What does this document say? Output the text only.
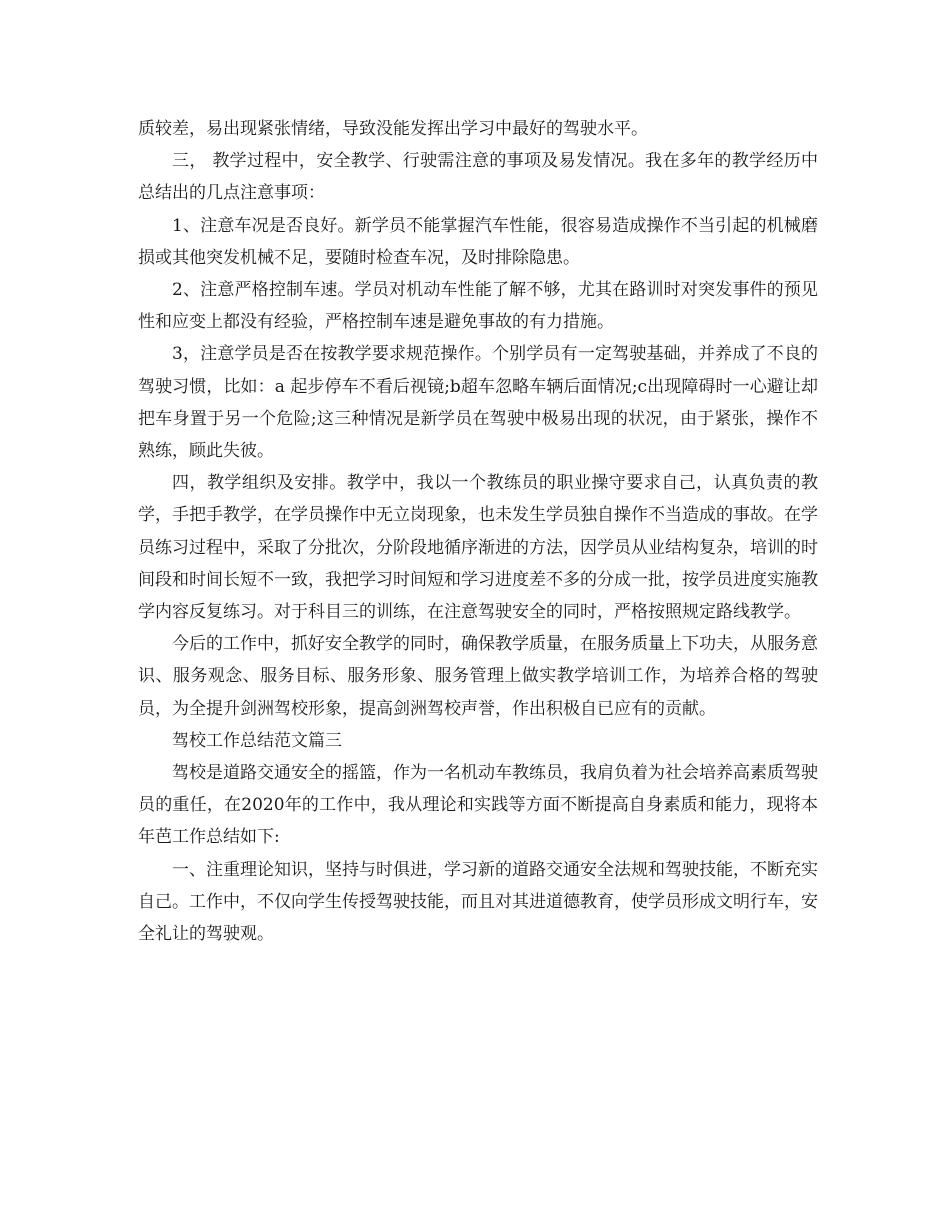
质较差，易出现紧张情绪，导致没能发挥出学习中最好的驾驶水平。

三， 教学过程中，安全教学、行驶需注意的事项及易发情况。我在多年的教学经历中总结出的几点注意事项：

1、注意车况是否良好。新学员不能掌握汽车性能，很容易造成操作不当引起的机械磨损或其他突发机械不足，要随时检查车况，及时排除隐患。

2、注意严格控制车速。学员对机动车性能了解不够，尤其在路训时对突发事件的预见性和应变上都没有经验，严格控制车速是避免事故的有力措施。

3，注意学员是否在按教学要求规范操作。个别学员有一定驾驶基础，并养成了不良的驾驶习惯，比如：a 起步停车不看后视镜;b超车忽略车辆后面情况;c出现障碍时一心避让却把车身置于另一个危险;这三种情况是新学员在驾驶中极易出现的状况，由于紧张，操作不熟练，顾此失彼。

四，教学组织及安排。教学中，我以一个教练员的职业操守要求自己，认真负责的教学，手把手教学，在学员操作中无立岗现象，也未发生学员独自操作不当造成的事故。在学员练习过程中，采取了分批次，分阶段地循序渐进的方法，因学员从业结构复杂，培训的时间段和时间长短不一致，我把学习时间短和学习进度差不多的分成一批，按学员进度实施教学内容反复练习。对于科目三的训练，在注意驾驶安全的同时，严格按照规定路线教学。

今后的工作中，抓好安全教学的同时，确保教学质量，在服务质量上下功夫，从服务意识、服务观念、服务目标、服务形象、服务管理上做实教学培训工作，为培养合格的驾驶员，为全提升剑洲驾校形象，提高剑洲驾校声誉，作出积极自已应有的贡献。

驾校工作总结范文篇三

驾校是道路交通安全的摇篮，作为一名机动车教练员，我肩负着为社会培养高素质驾驶员的重任，在2020年的工作中，我从理论和实践等方面不断提高自身素质和能力，现将本年芭工作总结如下:

一、注重理论知识，坚持与时俱进，学习新的道路交通安全法规和驾驶技能，不断充实自己。工作中，不仅向学生传授驾驶技能，而且对其进道德教育，使学员形成文明行车，安全礼让的驾驶观。
